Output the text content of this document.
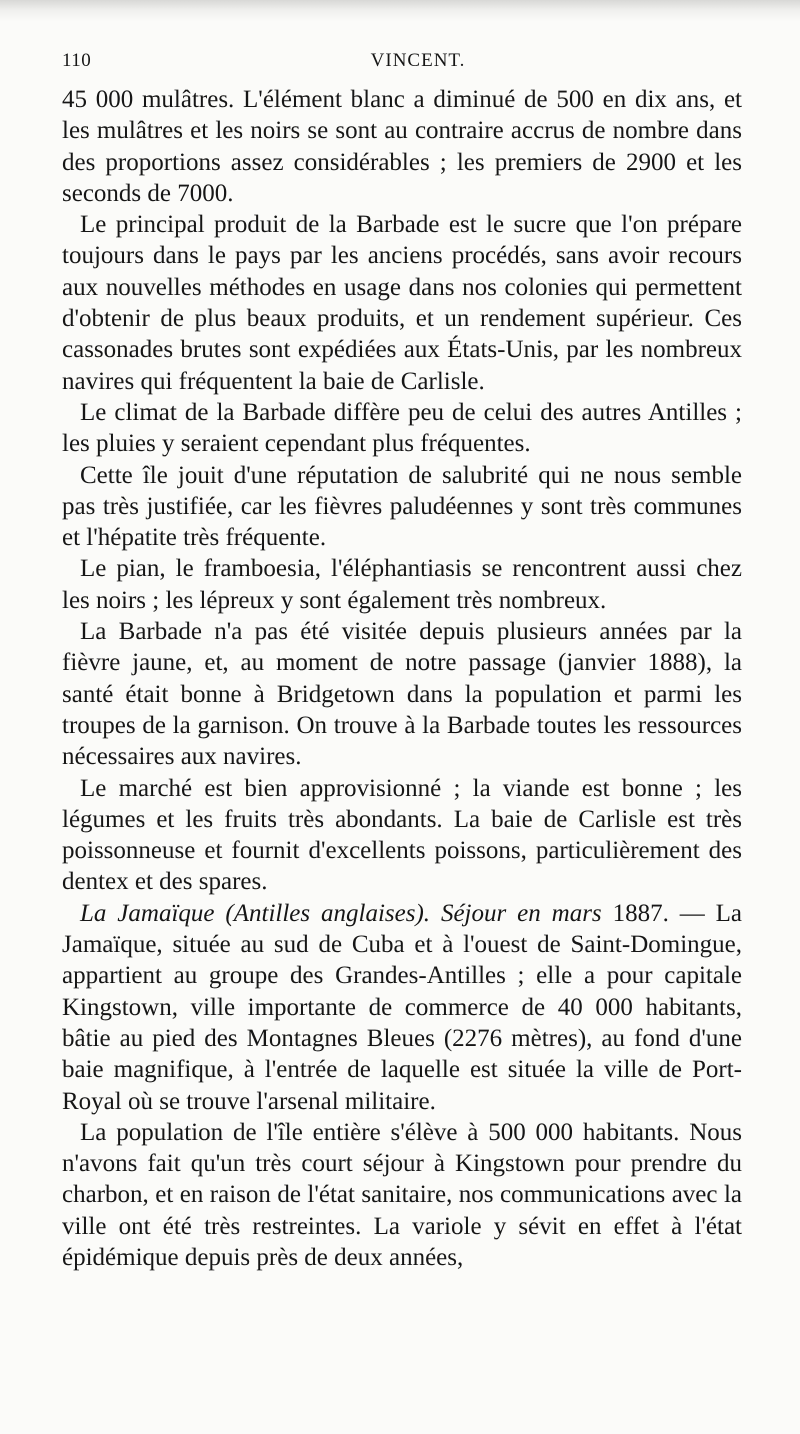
110	VINCENT.

45 000 mulâtres. L'élément blanc a diminué de 500 en dix ans, et les mulâtres et les noirs se sont au contraire accrus de nombre dans des proportions assez considérables ; les premiers de 2900 et les seconds de 7000.

Le principal produit de la Barbade est le sucre que l'on prépare toujours dans le pays par les anciens procédés, sans avoir recours aux nouvelles méthodes en usage dans nos colonies qui permettent d'obtenir de plus beaux produits, et un rendement supérieur. Ces cassonades brutes sont expédiées aux États-Unis, par les nombreux navires qui fréquentent la baie de Carlisle.

Le climat de la Barbade diffère peu de celui des autres Antilles ; les pluies y seraient cependant plus fréquentes.

Cette île jouit d'une réputation de salubrité qui ne nous semble pas très justifiée, car les fièvres paludéennes y sont très communes et l'hépatite très fréquente.

Le pian, le framboesia, l'éléphantiasis se rencontrent aussi chez les noirs ; les lépreux y sont également très nombreux.

La Barbade n'a pas été visitée depuis plusieurs années par la fièvre jaune, et, au moment de notre passage (janvier 1888), la santé était bonne à Bridgetown dans la population et parmi les troupes de la garnison. On trouve à la Barbade toutes les ressources nécessaires aux navires.

Le marché est bien approvisionné ; la viande est bonne ; les légumes et les fruits très abondants. La baie de Carlisle est très poissonneuse et fournit d'excellents poissons, particulièrement des dentex et des spares.

La Jamaïque (Antilles anglaises). Séjour en mars 1887. — La Jamaïque, située au sud de Cuba et à l'ouest de Saint-Domingue, appartient au groupe des Grandes-Antilles ; elle a pour capitale Kingstown, ville importante de commerce de 40 000 habitants, bâtie au pied des Montagnes Bleues (2276 mètres), au fond d'une baie magnifique, à l'entrée de laquelle est située la ville de Port-Royal où se trouve l'arsenal militaire.

La population de l'île entière s'élève à 500 000 habitants. Nous n'avons fait qu'un très court séjour à Kingstown pour prendre du charbon, et en raison de l'état sanitaire, nos communications avec la ville ont été très restreintes. La variole y sévit en effet à l'état épidémique depuis près de deux années,
